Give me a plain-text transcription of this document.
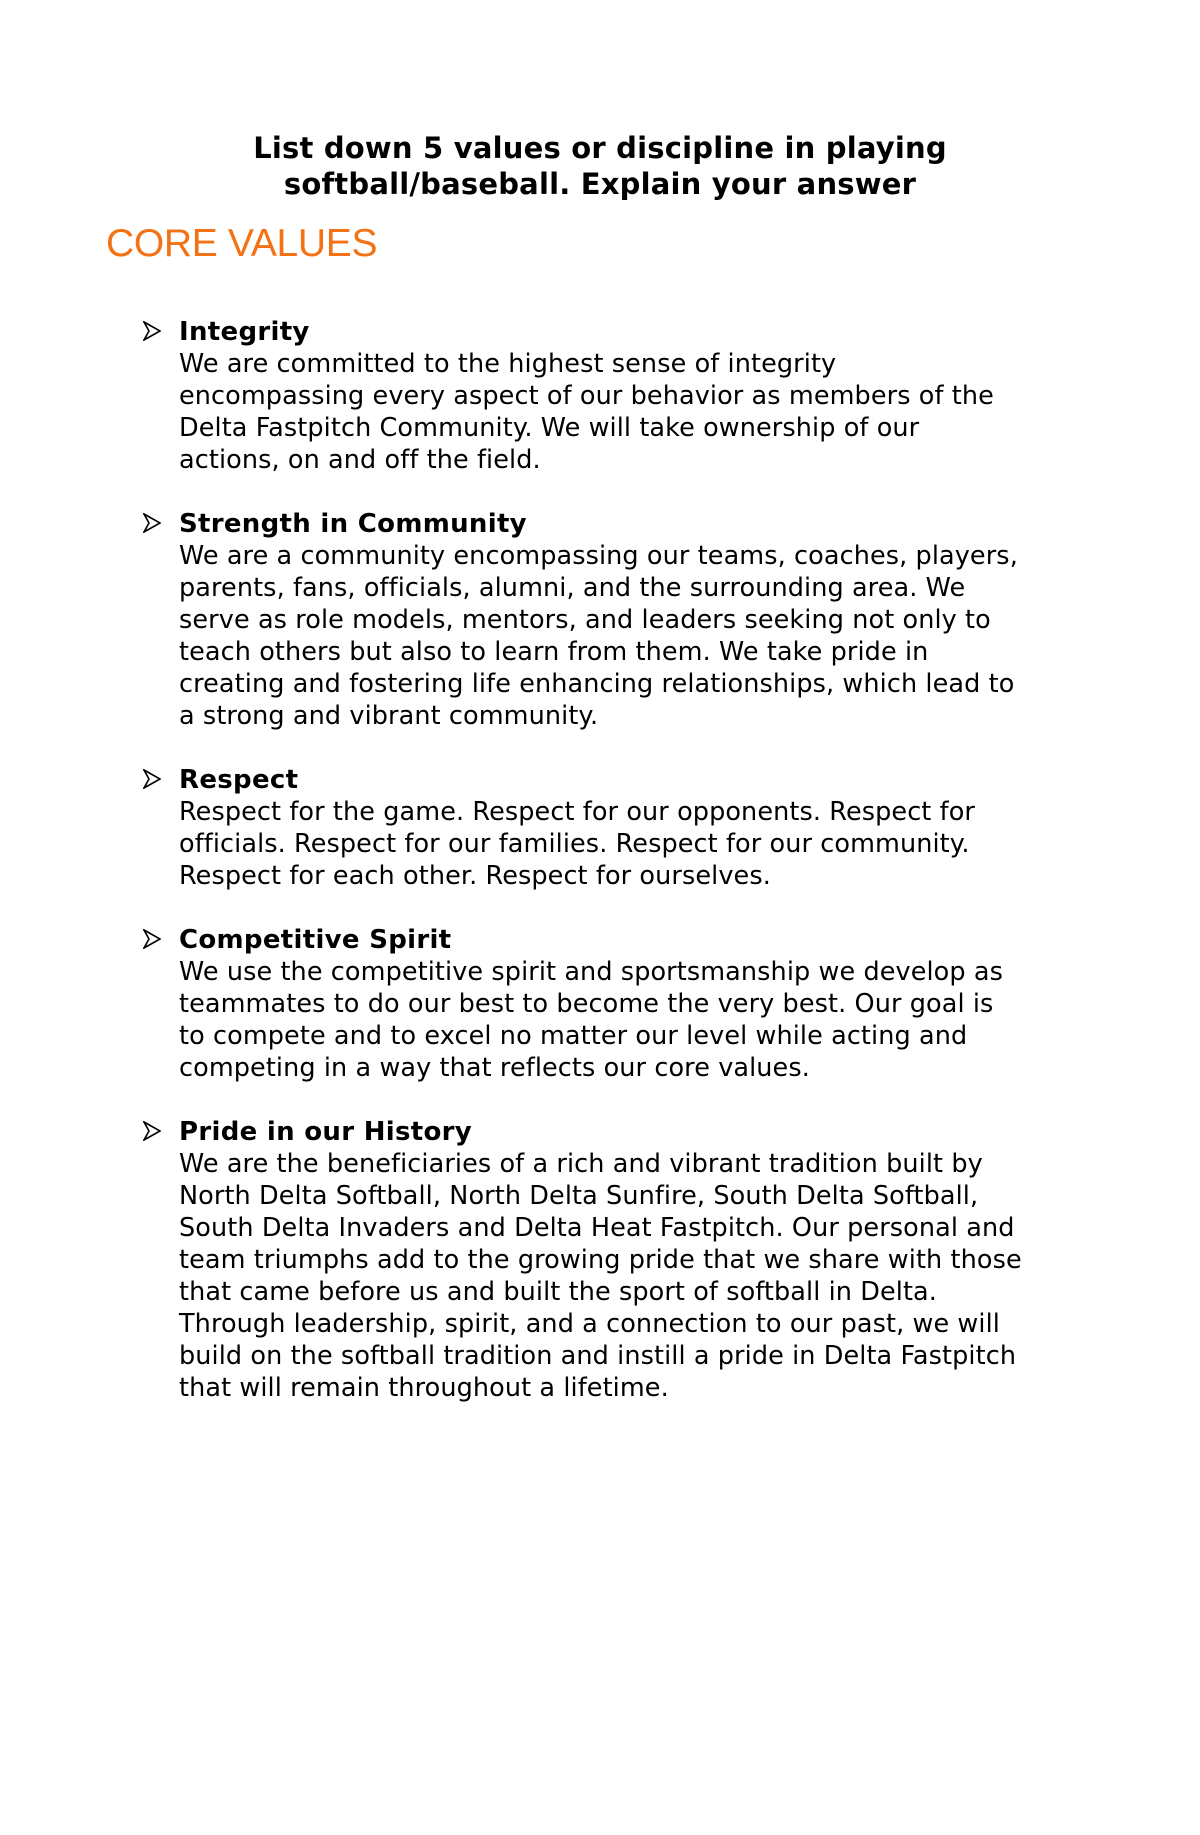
List down 5 values or discipline in playing softball/baseball. Explain your answer
CORE VALUES
Integrity
We are committed to the highest sense of integrity
encompassing every aspect of our behavior as members of the
Delta Fastpitch Community. We will take ownership of our
actions, on and off the field.
Strength in Community
We are a community encompassing our teams, coaches, players,
parents, fans, officials, alumni, and the surrounding area. We
serve as role models, mentors, and leaders seeking not only to
teach others but also to learn from them. We take pride in
creating and fostering life enhancing relationships, which lead to
a strong and vibrant community.
Respect
Respect for the game. Respect for our opponents. Respect for
officials. Respect for our families. Respect for our community.
Respect for each other. Respect for ourselves.
Competitive Spirit
We use the competitive spirit and sportsmanship we develop as
teammates to do our best to become the very best. Our goal is
to compete and to excel no matter our level while acting and
competing in a way that reflects our core values.
Pride in our History
We are the beneficiaries of a rich and vibrant tradition built by
North Delta Softball, North Delta Sunfire, South Delta Softball,
South Delta Invaders and Delta Heat Fastpitch. Our personal and
team triumphs add to the growing pride that we share with those
that came before us and built the sport of softball in Delta.
Through leadership, spirit, and a connection to our past, we will
build on the softball tradition and instill a pride in Delta Fastpitch
that will remain throughout a lifetime.
